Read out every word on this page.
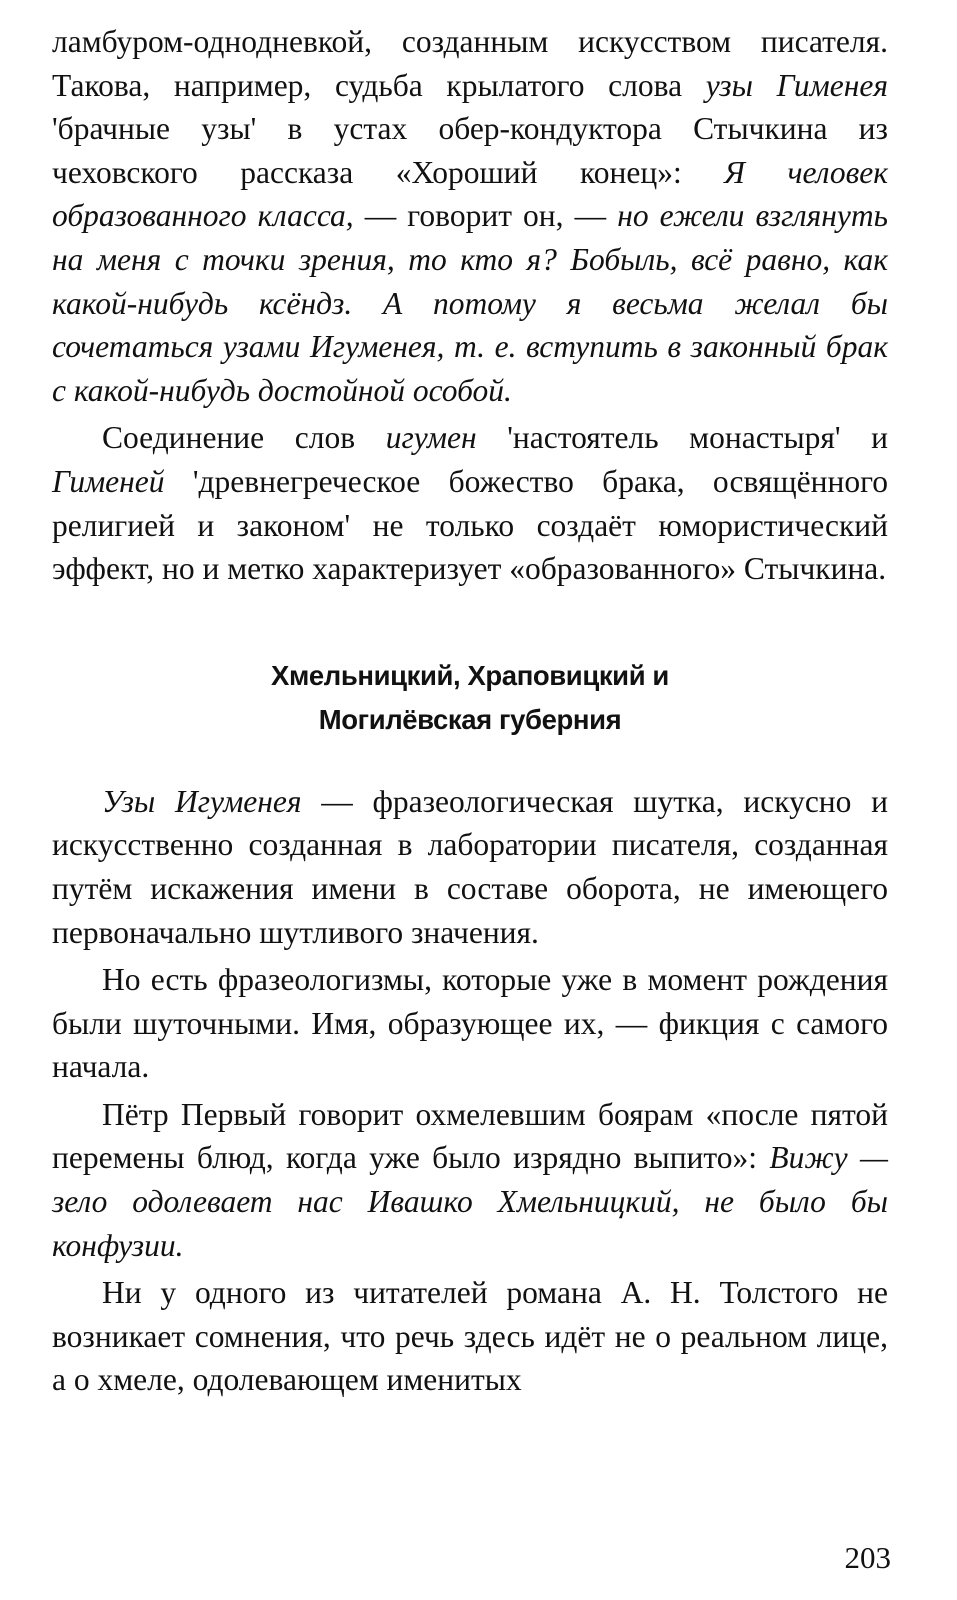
ламбуром-однодневкой, созданным искусством писателя. Такова, например, судьба крылатого слова узы Гименея 'брачные узы' в устах обер-кондуктора Стычкина из чеховского рассказа «Хороший конец»: Я человек образованного класса, — говорит он, — но ежели взглянуть на меня с точки зрения, то кто я? Бобыль, всё равно, как какой-нибудь ксёндз. А потому я весьма желал бы сочетаться узами Игуменея, т. е. вступить в законный брак с какой-нибудь достойной особой.

Соединение слов игумен 'настоятель монастыря' и Гименей 'древнегреческое божество брака, освящённого религией и законом' не только создаёт юмористический эффект, но и метко характеризует «образованного» Стычкина.

Хмельницкий, Храповицкий и
Могилёвская губерния

Узы Игуменея — фразеологическая шутка, искусно и искусственно созданная в лаборатории писателя, созданная путём искажения имени в составе оборота, не имеющего первоначально шутливого значения.

Но есть фразеологизмы, которые уже в момент рождения были шуточными. Имя, образующее их, — фикция с самого начала.

Пётр Первый говорит охмелевшим боярам «после пятой перемены блюд, когда уже было изрядно выпито»: Вижу — зело одолевает нас Ивашко Хмельницкий, не было бы конфузии.

Ни у одного из читателей романа А. Н. Толстого не возникает сомнения, что речь здесь идёт не о реальном лице, а о хмеле, одолевающем именитых

203
